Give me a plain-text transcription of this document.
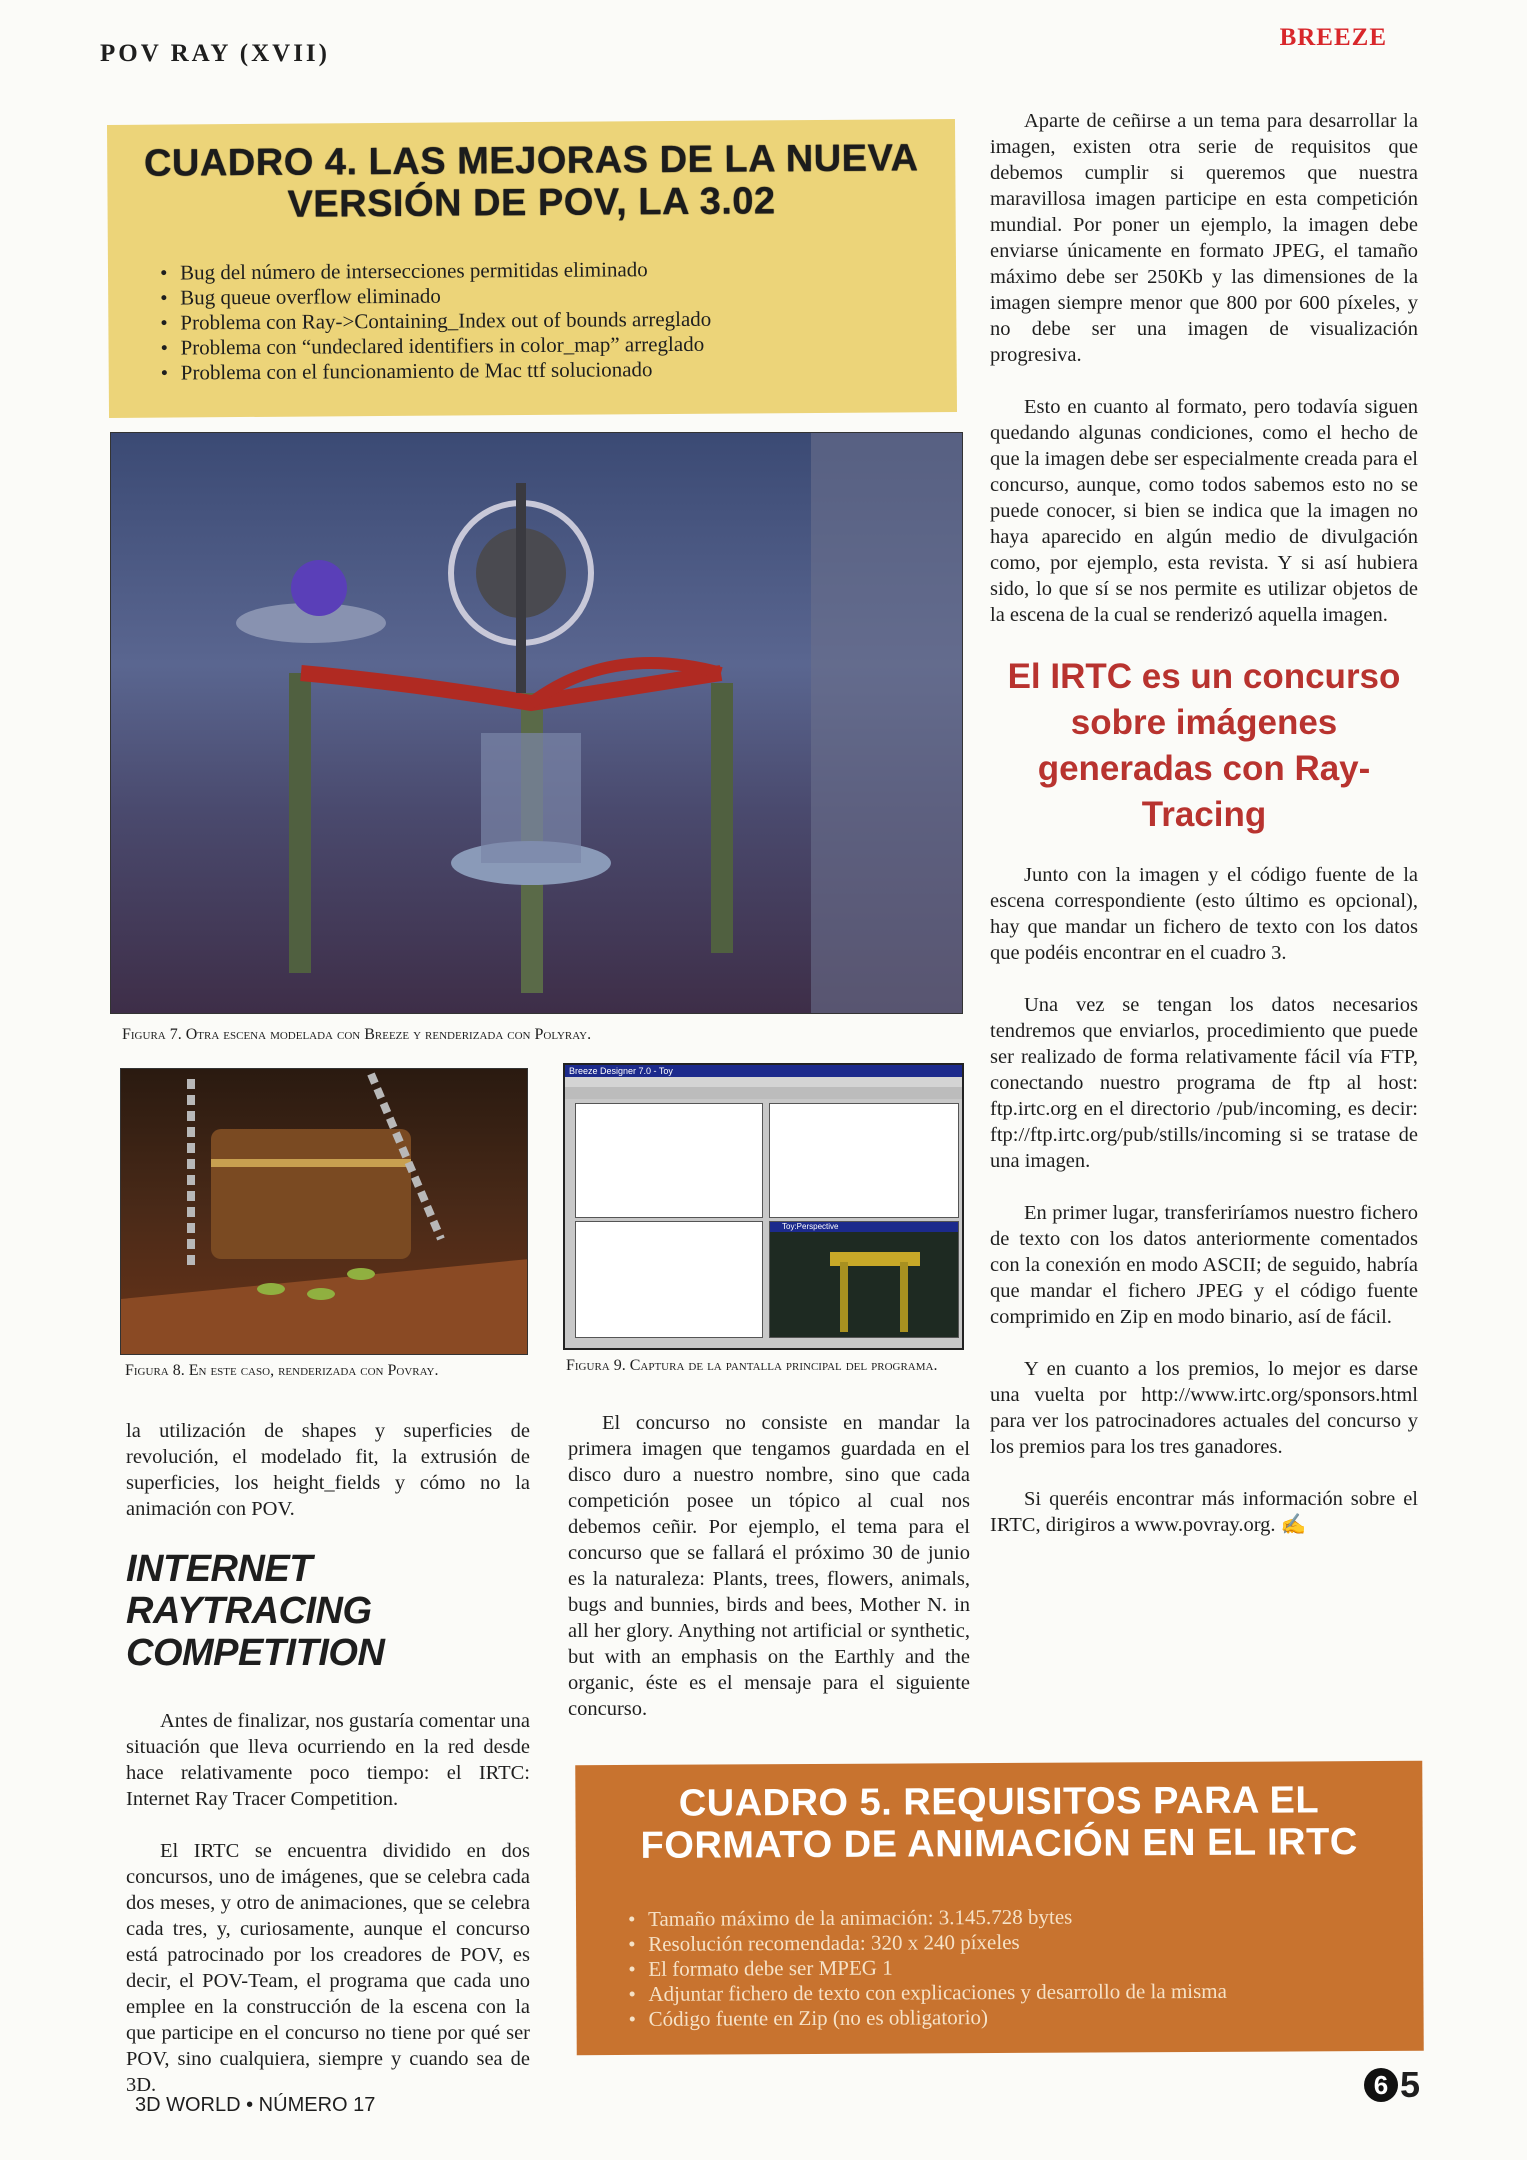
POV RAY (XVII)
BREEZE
CUADRO 4. LAS MEJORAS DE LA NUEVA VERSIÓN DE POV, LA 3.02
• Bug del número de intersecciones permitidas eliminado
• Bug queue overflow eliminado
• Problema con Ray->Containing_Index out of bounds arreglado
• Problema con “undeclared identifiers in color_map” arreglado
• Problema con el funcionamiento de Mac ttf solucionado
Figura 7. Otra escena modelada con Breeze y renderizada con Polyray.
Figura 8. En este caso, renderizada con Povray.
Breeze Designer 7.0 - Toy
Toy:Perspective
Figura 9. Captura de la pantalla principal del programa.

la utilización de shapes y superficies de revolución, el modelado fit, la extrusión de superficies, los height_fields y cómo no la animación con POV.

INTERNET RAYTRACING COMPETITION

Antes de finalizar, nos gustaría comentar una situación que lleva ocurriendo en la red desde hace relativamente poco tiempo: el IRTC: Internet Ray Tracer Competition.

El IRTC se encuentra dividido en dos concursos, uno de imágenes, que se celebra cada dos meses, y otro de animaciones, que se celebra cada tres, y, curiosamente, aunque el concurso está patrocinado por los creadores de POV, es decir, el POV-Team, el programa que cada uno emplee en la construcción de la escena con la que participe en el concurso no tiene por qué ser POV, sino cualquiera, siempre y cuando sea de 3D.

El concurso no consiste en mandar la primera imagen que tengamos guardada en el disco duro a nuestro nombre, sino que cada competición posee un tópico al cual nos debemos ceñir. Por ejemplo, el tema para el concurso que se fallará el próximo 30 de junio es la naturaleza: Plants, trees, flowers, animals, bugs and bunnies, birds and bees, Mother N. in all her glory. Anything not artificial or synthetic, but with an emphasis on the Earthly and the organic, éste es el mensaje para el siguiente concurso.

Aparte de ceñirse a un tema para desarrollar la imagen, existen otra serie de requisitos que debemos cumplir si queremos que nuestra maravillosa imagen participe en esta competición mundial. Por poner un ejemplo, la imagen debe enviarse únicamente en formato JPEG, el tamaño máximo debe ser 250Kb y las dimensiones de la imagen siempre menor que 800 por 600 píxeles, y no debe ser una imagen de visualización progresiva.

Esto en cuanto al formato, pero todavía siguen quedando algunas condiciones, como el hecho de que la imagen debe ser especialmente creada para el concurso, aunque, como todos sabemos esto no se puede conocer, si bien se indica que la imagen no haya aparecido en algún medio de divulgación como, por ejemplo, esta revista. Y si así hubiera sido, lo que sí se nos permite es utilizar objetos de la escena de la cual se renderizó aquella imagen.

El IRTC es un concurso sobre imágenes generadas con Ray-Tracing

Junto con la imagen y el código fuente de la escena correspondiente (esto último es opcional), hay que mandar un fichero de texto con los datos que podéis encontrar en el cuadro 3.

Una vez se tengan los datos necesarios tendremos que enviarlos, procedimiento que puede ser realizado de forma relativamente fácil vía FTP, conectando nuestro programa de ftp al host: ftp.irtc.org en el directorio /pub/incoming, es decir: ftp://ftp.irtc.org/pub/stills/incoming si se tratase de una imagen.

En primer lugar, transferiríamos nuestro fichero de texto con los datos anteriormente comentados con la conexión en modo ASCII; de seguido, habría que mandar el fichero JPEG y el código fuente comprimido en Zip en modo binario, así de fácil.

Y en cuanto a los premios, lo mejor es darse una vuelta por http://www.irtc.org/sponsors.html para ver los patrocinadores actuales del concurso y los premios para los tres ganadores.

Si queréis encontrar más información sobre el IRTC, dirigiros a www.povray.org. ✍

CUADRO 5. REQUISITOS PARA EL FORMATO DE ANIMACIÓN EN EL IRTC
• Tamaño máximo de la animación: 3.145.728 bytes
• Resolución recomendada: 320 x 240 píxeles
• El formato debe ser MPEG 1
• Adjuntar fichero de texto con explicaciones y desarrollo de la misma
• Código fuente en Zip (no es obligatorio)
3D WORLD • NÚMERO 17
6 5
